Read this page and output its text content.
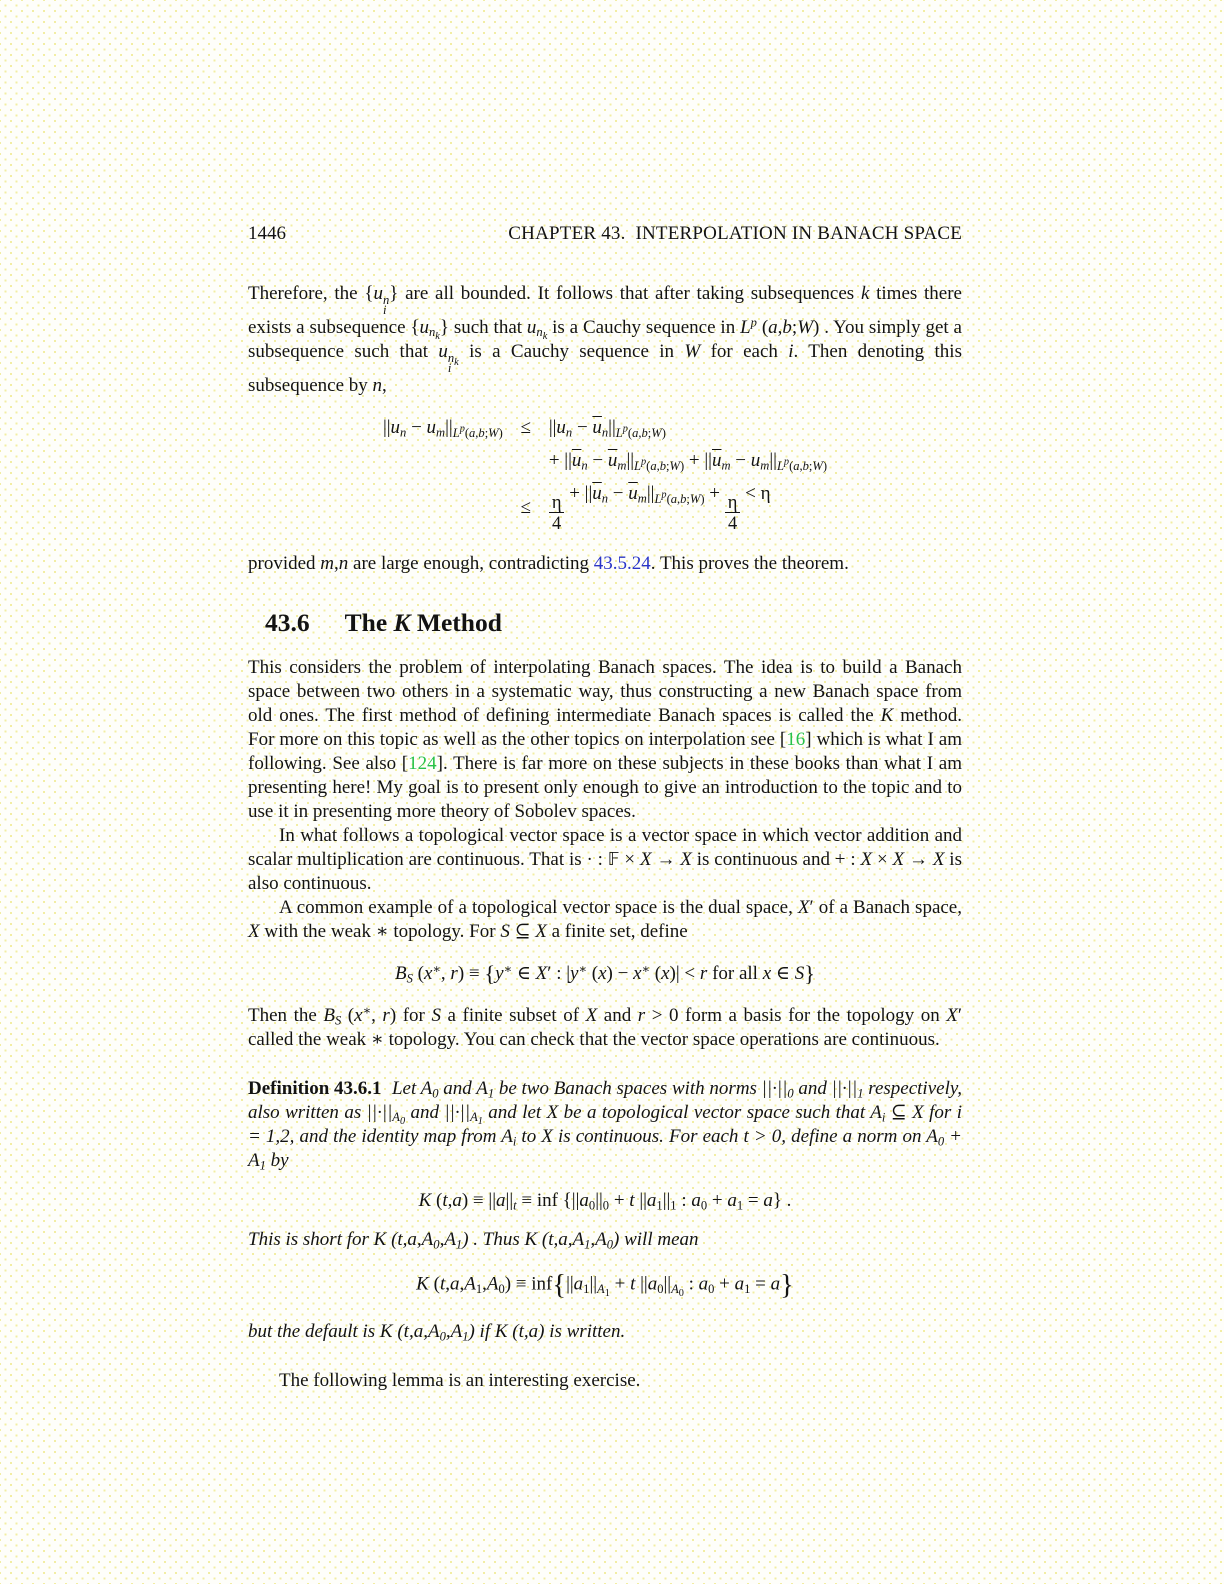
1446	CHAPTER 43.  INTERPOLATION IN BANACH SPACE

Therefore, the {u n
i
} are all bounded. It follows that after taking subsequences k times there exists a subsequence $\{u_{n_k}\}$ such that $u_{n_k}$ is a Cauchy sequence in $L^p$ (a,b;W) . You simply get a subsequence such that u $n_k$
i
is a Cauchy sequence in W for each i. Then denoting this subsequence by n,

$||u_n - u_m||_{L^p(a,b;W)} \le ||u_n - \overline{u}_n||_{L^p(a,b;W)}$
+ $||\overline{u}_n - \overline{u}_m||_{L^p(a,b;W)} + ||\overline{u}_m - u_m||_{L^p(a,b;W)}$
≤ $\frac{\eta}{4} + ||\overline{u}_n - \overline{u}_m||_{L^p(a,b;W)} + \frac{\eta}{4} < \eta$

provided m,n are large enough, contradicting 43.5.24. This proves the theorem.

43.6 The K Method

This considers the problem of interpolating Banach spaces. The idea is to build a Banach space between two others in a systematic way, thus constructing a new Banach space from old ones. The first method of defining intermediate Banach spaces is called the K method. For more on this topic as well as the other topics on interpolation see [16] which is what I am following. See also [124]. There is far more on these subjects in these books than what I am presenting here! My goal is to present only enough to give an introduction to the topic and to use it in presenting more theory of Sobolev spaces.

In what follows a topological vector space is a vector space in which vector addition and scalar multiplication are continuous. That is · : 𝔽 × X → X is continuous and + : X × X → X is also continuous.

A common example of a topological vector space is the dual space, X′ of a Banach space, X with the weak ∗ topology. For S ⊆ X a finite set, define

$B_S$ (x∗, r) ≡ {y∗ ∈ X′ : |y∗ (x) − x∗ (x)| < r for all x ∈ S}

Then the $B_S$ (x∗, r) for S a finite subset of X and r > 0 form a basis for the topology on X′ called the weak ∗ topology. You can check that the vector space operations are continuous.

Definition 43.6.1 Let $A_0$ and $A_1$ be two Banach spaces with norms $||\cdot||_0$ and $||\cdot||_1$ respectively, also written as $||\cdot||_{A_0}$ and $||\cdot||_{A_1}$ and let X be a topological vector space such that $A_i$ ⊆ X for i = 1,2, and the identity map from $A_i$ to X is continuous. For each t > 0, define a norm on $A_0 + A_1$ by

K $(t,a) \equiv ||a||_t$ ≡ inf {$||a_0||_0 + t$ $||a_1||_1$ : $a_0 + a_1 = a$} .

This is short for K $(t,a,A_0,A_1)$ . Thus K $(t,a,A_1,A_0)$ will mean

K $(t,a,A_1,A_0) \equiv inf\{||a_1||_{A_1} + t$ $||a_0||_{A_0}$ : $a_0 + a_1 = a$}

but the default is K $(t,a,A_0,A_1)$ if K (t,a) is written.

The following lemma is an interesting exercise.
